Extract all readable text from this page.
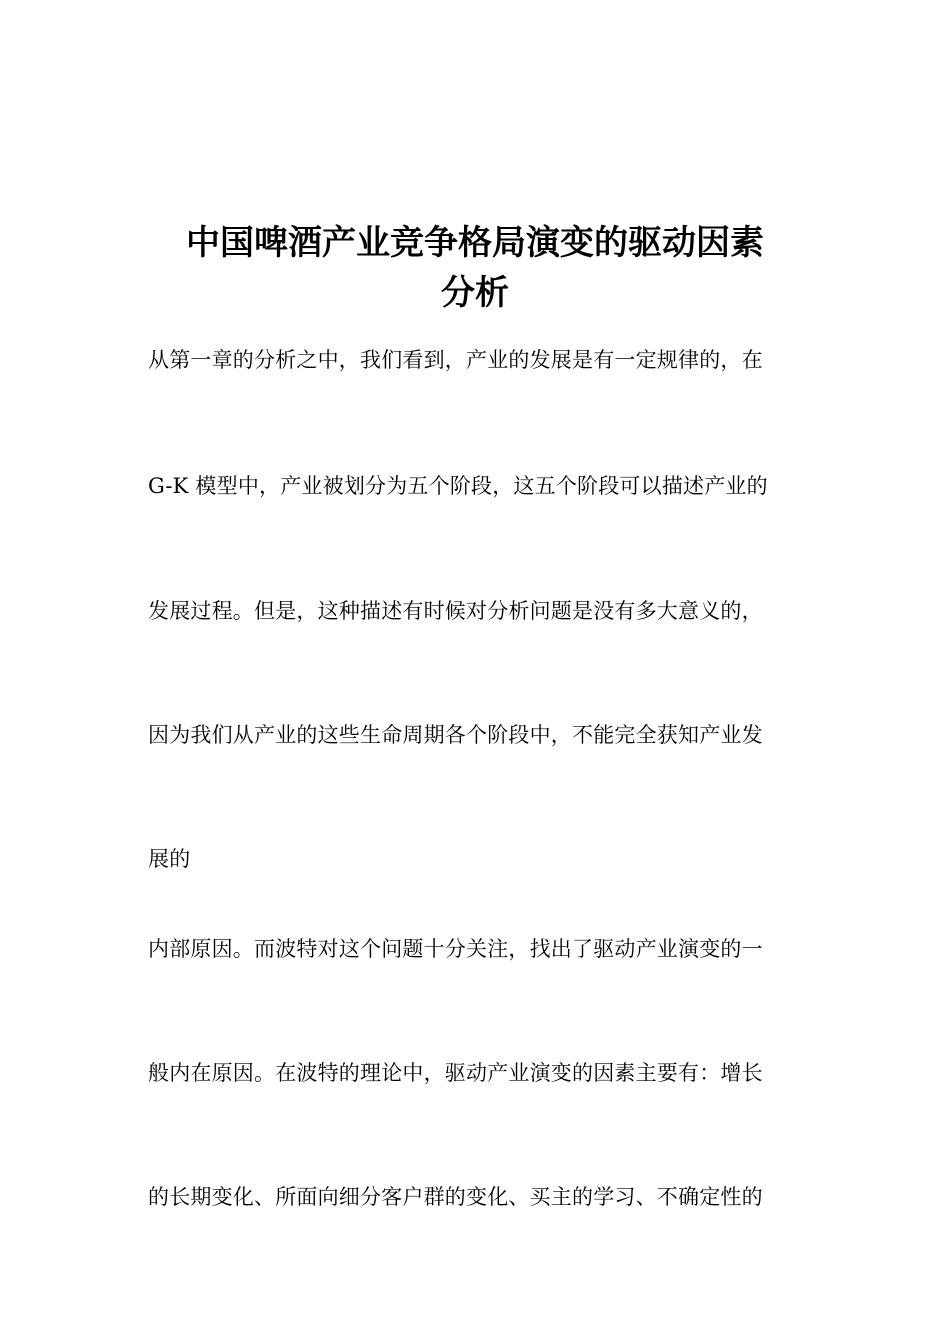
中国啤酒产业竞争格局演变的驱动因素
分析

从第一章的分析之中，我们看到，产业的发展是有一定规律的，在

G-K 模型中，产业被划分为五个阶段，这五个阶段可以描述产业的

发展过程。但是，这种描述有时候对分析问题是没有多大意义的，

因为我们从产业的这些生命周期各个阶段中，不能完全获知产业发

展的

内部原因。而波特对这个问题十分关注，找出了驱动产业演变的一

般内在原因。在波特的理论中，驱动产业演变的因素主要有：增长

的长期变化、所面向细分客户群的变化、买主的学习、不确定性的
